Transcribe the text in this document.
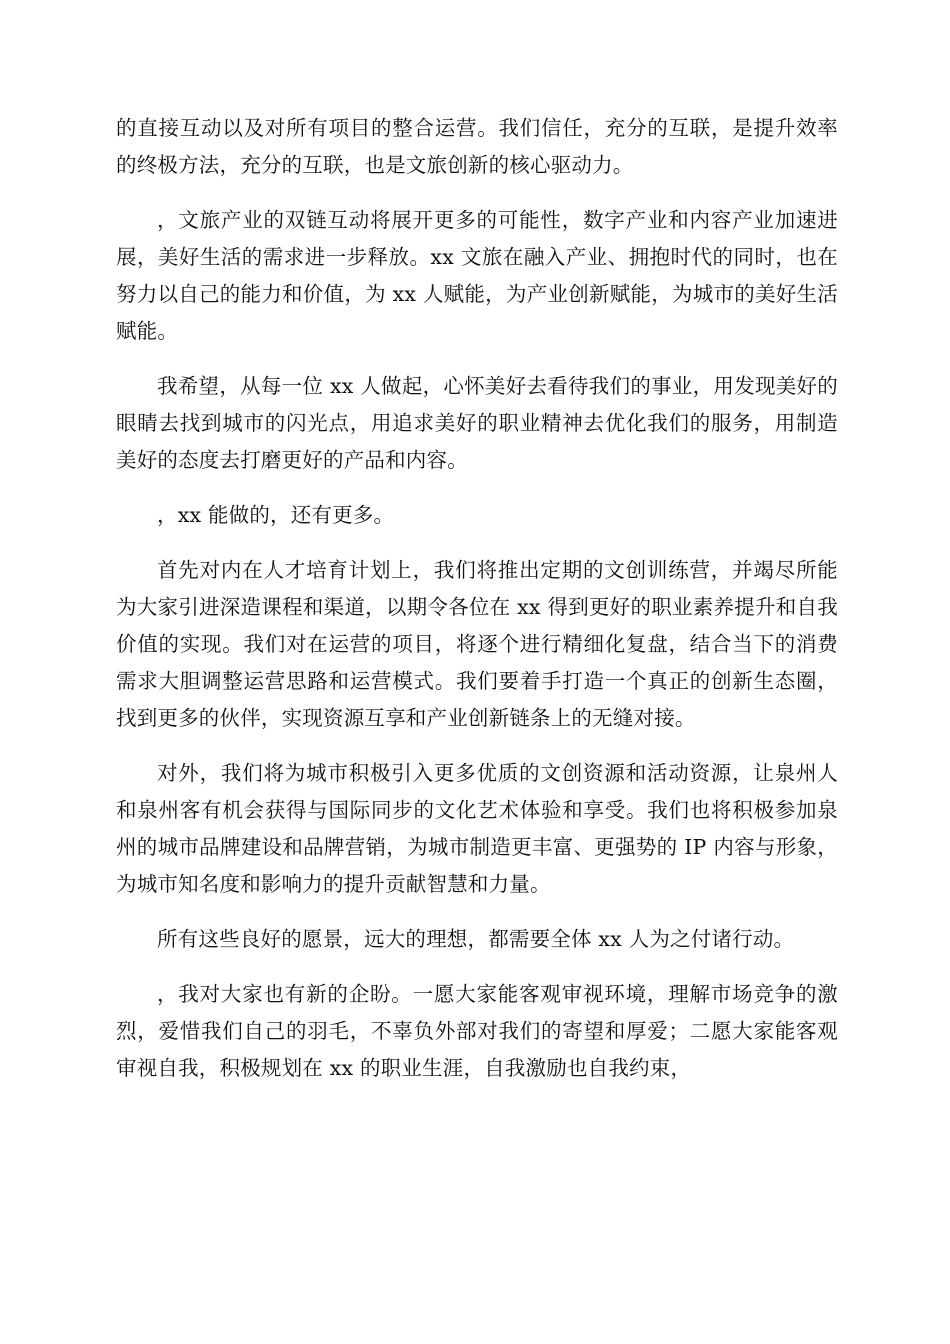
的直接互动以及对所有项目的整合运营。我们信任，充分的互联，是提升效率的终极方法，充分的互联，也是文旅创新的核心驱动力。

，文旅产业的双链互动将展开更多的可能性，数字产业和内容产业加速进展，美好生活的需求进一步释放。xx 文旅在融入产业、拥抱时代的同时，也在努力以自己的能力和价值，为 xx 人赋能，为产业创新赋能，为城市的美好生活赋能。

我希望，从每一位 xx 人做起，心怀美好去看待我们的事业，用发现美好的眼睛去找到城市的闪光点，用追求美好的职业精神去优化我们的服务，用制造美好的态度去打磨更好的产品和内容。

，xx 能做的，还有更多。

首先对内在人才培育计划上，我们将推出定期的文创训练营，并竭尽所能为大家引进深造课程和渠道，以期令各位在 xx 得到更好的职业素养提升和自我价值的实现。我们对在运营的项目，将逐个进行精细化复盘，结合当下的消费需求大胆调整运营思路和运营模式。我们要着手打造一个真正的创新生态圈，找到更多的伙伴，实现资源互享和产业创新链条上的无缝对接。

对外，我们将为城市积极引入更多优质的文创资源和活动资源，让泉州人和泉州客有机会获得与国际同步的文化艺术体验和享受。我们也将积极参加泉州的城市品牌建设和品牌营销，为城市制造更丰富、更强势的 IP 内容与形象，为城市知名度和影响力的提升贡献智慧和力量。

所有这些良好的愿景，远大的理想，都需要全体 xx 人为之付诸行动。

，我对大家也有新的企盼。一愿大家能客观审视环境，理解市场竞争的激烈，爱惜我们自己的羽毛，不辜负外部对我们的寄望和厚爱；二愿大家能客观审视自我，积极规划在 xx 的职业生涯，自我激励也自我约束，
